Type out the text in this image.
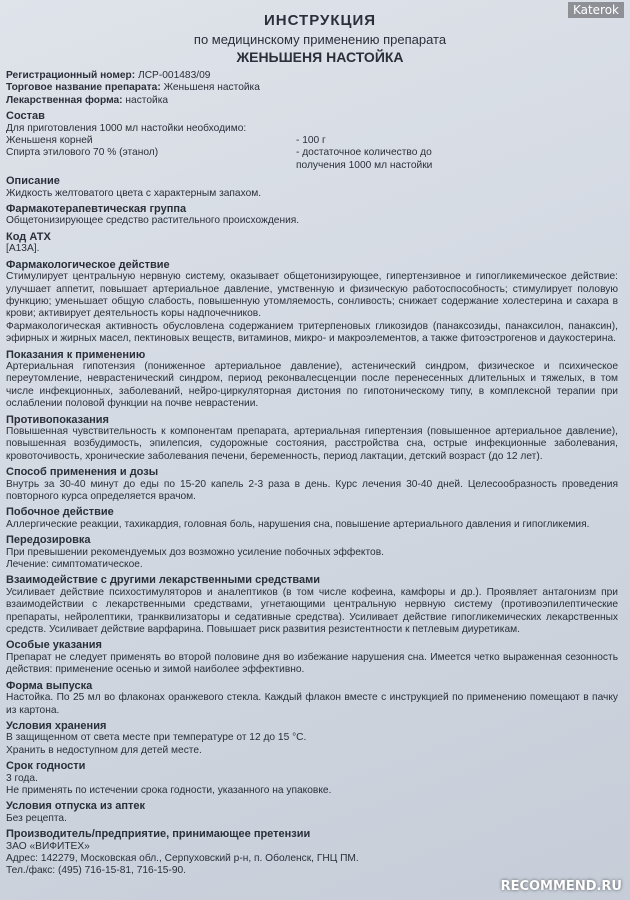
Katerok
ИНСТРУКЦИЯ
по медицинскому применению препарата
ЖЕНЬШЕНЯ НАСТОЙКА
Регистрационный номер: ЛСР-001483/09
Торговое название препарата: Женьшеня настойка
Лекарственная форма: настойка
Состав
Для приготовления 1000 мл настойки необходимо:
Женьшеня корней
Спирта этилового 70 % (этанол)
- 100 г
- достаточное количество до
получения 1000 мл настойки
Описание
Жидкость желтоватого цвета с характерным запахом.
Фармакотерапевтическая группа
Общетонизирующее средство растительного происхождения.
Код АТХ
[A13A].
Фармакологическое действие
Стимулирует центральную нервную систему, оказывает общетонизирующее, гипертензивное и гипогликемическое действие: улучшает аппетит, повышает артериальное давление, умственную и физическую работоспособность; стимулирует половую функцию; уменьшает общую слабость, повышенную утомляемость, сонливость; снижает содержание холестерина и сахара в крови; активирует деятельность коры надпочечников.
Фармакологическая активность обусловлена содержанием тритерпеновых гликозидов (панаксозиды, панаксилон, панаксин), эфирных и жирных масел, пектиновых веществ, витаминов, микро- и макроэлементов, а также фитоэстрогенов и даукостерина.
Показания к применению
Артериальная гипотензия (пониженное артериальное давление), астенический синдром, физическое и психическое переутомление, неврастенический синдром, период реконвалесценции после перенесенных длительных и тяжелых, в том числе инфекционных, заболеваний, нейро-циркуляторная дистония по гипотоническому типу, в комплексной терапии при ослаблении половой функции на почве неврастении.
Противопоказания
Повышенная чувствительность к компонентам препарата, артериальная гипертензия (повышенное артериальное давление), повышенная возбудимость, эпилепсия, судорожные состояния, расстройства сна, острые инфекционные заболевания, кровоточивость, хронические заболевания печени, беременность, период лактации, детский возраст (до 12 лет).
Способ применения и дозы
Внутрь за 30-40 минут до еды по 15-20 капель 2-3 раза в день. Курс лечения 30-40 дней. Целесообразность проведения повторного курса определяется врачом.
Побочное действие
Аллергические реакции, тахикардия, головная боль, нарушения сна, повышение артериального давления и гипогликемия.
Передозировка
При превышении рекомендуемых доз возможно усиление побочных эффектов.
Лечение: симптоматическое.
Взаимодействие с другими лекарственными средствами
Усиливает действие психостимуляторов и аналептиков (в том числе кофеина, камфоры и др.). Проявляет антагонизм при взаимодействии с лекарственными средствами, угнетающими центральную нервную систему (противоэпилептические препараты, нейролептики, транквилизаторы и седативные средства). Усиливает действие гипогликемических лекарственных средств. Усиливает действие варфарина. Повышает риск развития резистентности к петлевым диуретикам.
Особые указания
Препарат не следует применять во второй половине дня во избежание нарушения сна. Имеется четко выраженная сезонность действия: применение осенью и зимой наиболее эффективно.
Форма выпуска
Настойка. По 25 мл во флаконах оранжевого стекла. Каждый флакон вместе с инструкцией по применению помещают в пачку из картона.
Условия хранения
В защищенном от света месте при температуре от 12 до 15 °С.
Хранить в недоступном для детей месте.
Срок годности
3 года.
Не применять по истечении срока годности, указанного на упаковке.
Условия отпуска из аптек
Без рецепта.
Производитель/предприятие, принимающее претензии
ЗАО «ВИФИТЕХ»
Адрес: 142279, Московская обл., Серпуховский р-н, п. Оболенск, ГНЦ ПМ.
Тел./факс: (495) 716-15-81, 716-15-90.
RECOMMEND.RU
